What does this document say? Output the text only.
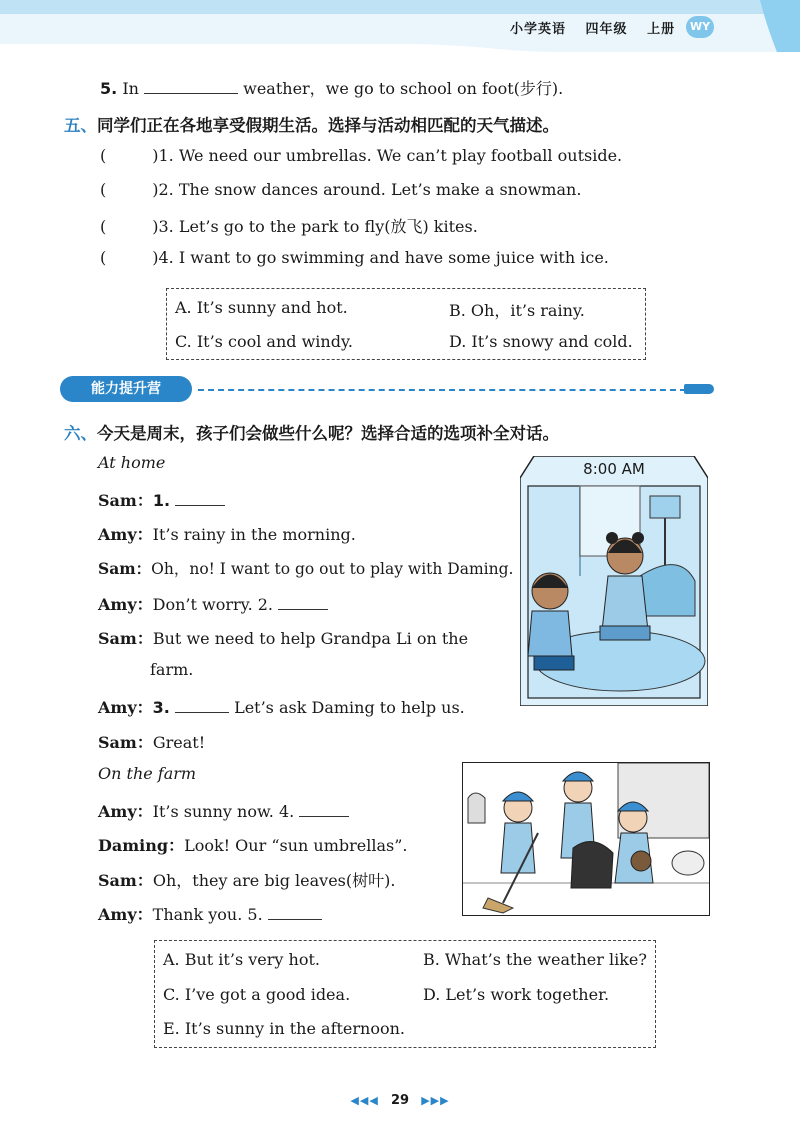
小学英语 四年级 上册	WY
5. In	weather，we go to school on foot(步行).
五、同学们正在各地享受假期生活。选择与活动相匹配的天气描述。
(	)1. We need our umbrellas. We can’t play football outside.
(	)2. The snow dances around. Let’s make a snowman.
(	)3. Let’s go to the park to fly(放飞) kites.
(	)4. I want to go swimming and have some juice with ice.
A. It’s sunny and hot.	B. Oh，it’s rainy.
C. It’s cool and windy.	D. It’s snowy and cold.
能力提升营
六、今天是周末，孩子们会做些什么呢？选择合适的选项补全对话。
At home
Sam：1.
Amy：It’s rainy in the morning.
Sam：Oh，no! I want to go out to play with Daming.
Amy：Don’t worry. 2.
Sam：But we need to help Grandpa Li on the
farm.
Amy：3.	Let’s ask Daming to help us.
Sam：Great!
On the farm
Amy：It’s sunny now. 4.
Daming：Look! Our “sun umbrellas”.
Sam：Oh，they are big leaves(树叶).
Amy：Thank you. 5.
8:00 AM
A. But it’s very hot.	B. What’s the weather like?
C. I’ve got a good idea.	D. Let’s work together.
E. It’s sunny in the afternoon.
◀◀◀ 29 ▶▶▶
